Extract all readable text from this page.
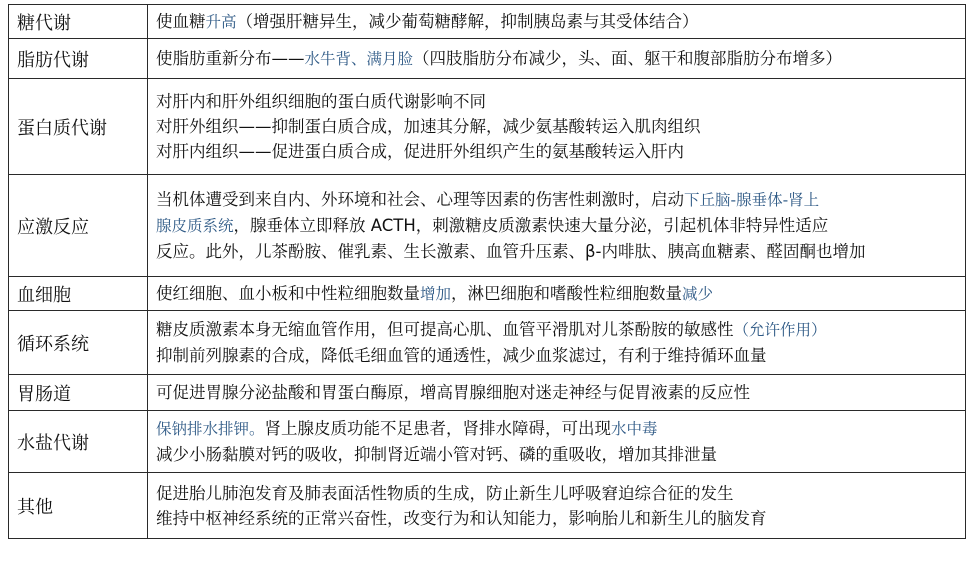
糖代谢	使血糖升高（增强肝糖异生，减少葡萄糖酵解，抑制胰岛素与其受体结合）

脂肪代谢	使脂肪重新分布——水牛背、满月脸（四肢脂肪分布减少，头、面、躯干和腹部脂肪分布增多）

蛋白质代谢	对肝内和肝外组织细胞的蛋白质代谢影响不同
对肝外组织——抑制蛋白质合成，加速其分解，减少氨基酸转运入肌肉组织
对肝内组织——促进蛋白质合成，促进肝外组织产生的氨基酸转运入肝内

应激反应	当机体遭受到来自内、外环境和社会、心理等因素的伤害性刺激时，启动下丘脑-腺垂体-肾上
腺皮质系统，腺垂体立即释放 ACTH，刺激糖皮质激素快速大量分泌，引起机体非特异性适应
反应。此外，儿茶酚胺、催乳素、生长激素、血管升压素、β-内啡肽、胰高血糖素、醛固酮也增加

血细胞	使红细胞、血小板和中性粒细胞数量增加，淋巴细胞和嗜酸性粒细胞数量减少

循环系统	糖皮质激素本身无缩血管作用，但可提高心肌、血管平滑肌对儿茶酚胺的敏感性（允许作用）
抑制前列腺素的合成，降低毛细血管的通透性，减少血浆滤过，有利于维持循环血量

胃肠道	可促进胃腺分泌盐酸和胃蛋白酶原，增高胃腺细胞对迷走神经与促胃液素的反应性

水盐代谢	保钠排水排钾。肾上腺皮质功能不足患者，肾排水障碍，可出现水中毒
减少小肠黏膜对钙的吸收，抑制肾近端小管对钙、磷的重吸收，增加其排泄量

其他	促进胎儿肺泡发育及肺表面活性物质的生成，防止新生儿呼吸窘迫综合征的发生
维持中枢神经系统的正常兴奋性，改变行为和认知能力，影响胎儿和新生儿的脑发育
